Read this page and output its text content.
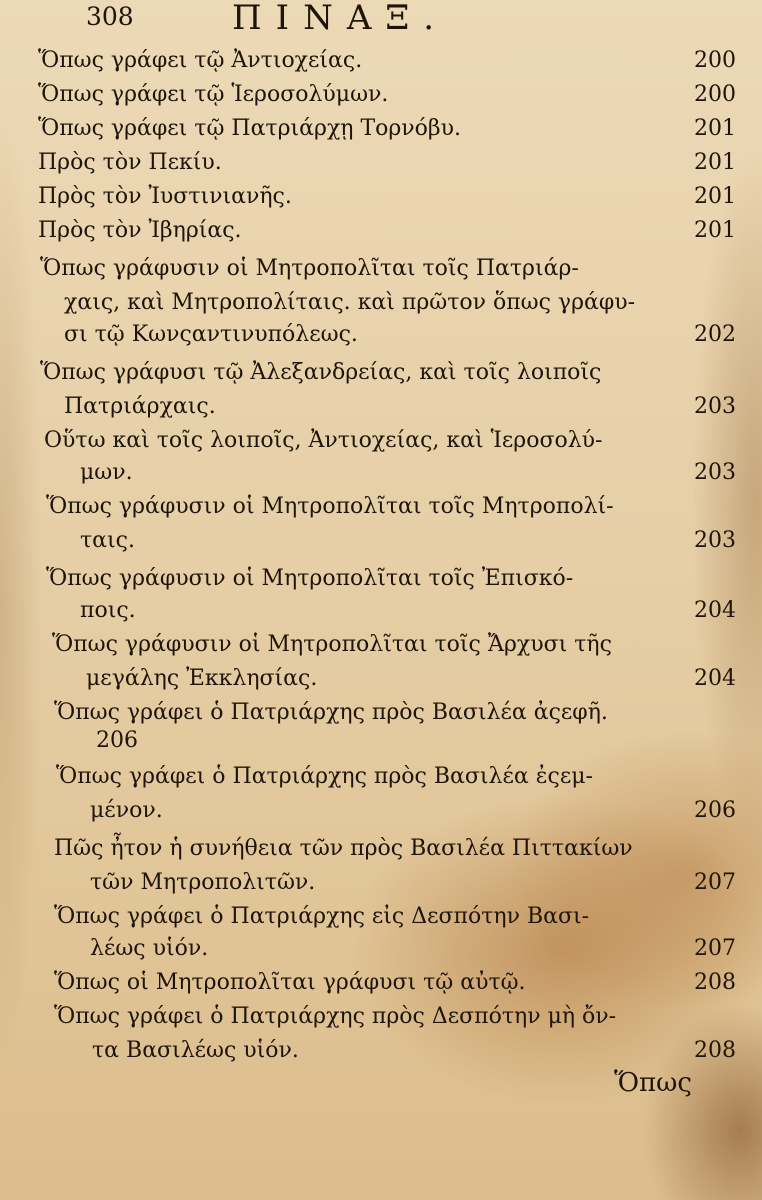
308	ΠΙΝΑΞ.
Ὅπως γράφει τῷ Ἀντιοχείας.	200
Ὅπως γράφει τῷ Ἱεροσολύμων.	200
Ὅπως γράφει τῷ Πατριάρχῃ Τορνόβυ.	201
Πρὸς τὸν Πεκίυ.	201
Πρὸς τὸν Ἰυστινιανῆς.	201
Πρὸς τὸν Ἰβηρίας.	201
Ὅπως γράφυσιν οἱ Μητροπολῖται τοῖς Πατριάρ-
χαις, καὶ Μητροπολίταις. καὶ πρῶτον ὅπως γράφυ-
σι τῷ Κωνςαντινυπόλεως.	202
Ὅπως γράφυσι τῷ Ἀλεξανδρείας, καὶ τοῖς λοιποῖς
Πατριάρχαις.	203
Οὕτω καὶ τοῖς λοιποῖς, Ἀντιοχείας, καὶ Ἱεροσολύ-
μων.	203
Ὅπως γράφυσιν οἱ Μητροπολῖται τοῖς Μητροπολί-
ταις.	203
Ὅπως γράφυσιν οἱ Μητροπολῖται τοῖς Ἐπισκό-
ποις.	204
Ὅπως γράφυσιν οἱ Μητροπολῖται τοῖς Ἄρχυσι τῆς
μεγάλης Ἐκκλησίας.	204
Ὅπως γράφει ὁ Πατριάρχης πρὸς Βασιλέα ἀςεφῆ.
206
Ὅπως γράφει ὁ Πατριάρχης πρὸς Βασιλέα ἐςεμ-
μένον.	206
Πῶς ἦτον ἡ συνήθεια τῶν πρὸς Βασιλέα Πιττακίων
τῶν Μητροπολιτῶν.	207
Ὅπως γράφει ὁ Πατριάρχης εἰς Δεσπότην Βασι-
λέως υἱόν.	207
Ὅπως οἱ Μητροπολῖται γράφυσι τῷ αὐτῷ.	208
Ὅπως γράφει ὁ Πατριάρχης πρὸς Δεσπότην μὴ ὄν-
τα Βασιλέως υἱόν.	208
Ὅπως
